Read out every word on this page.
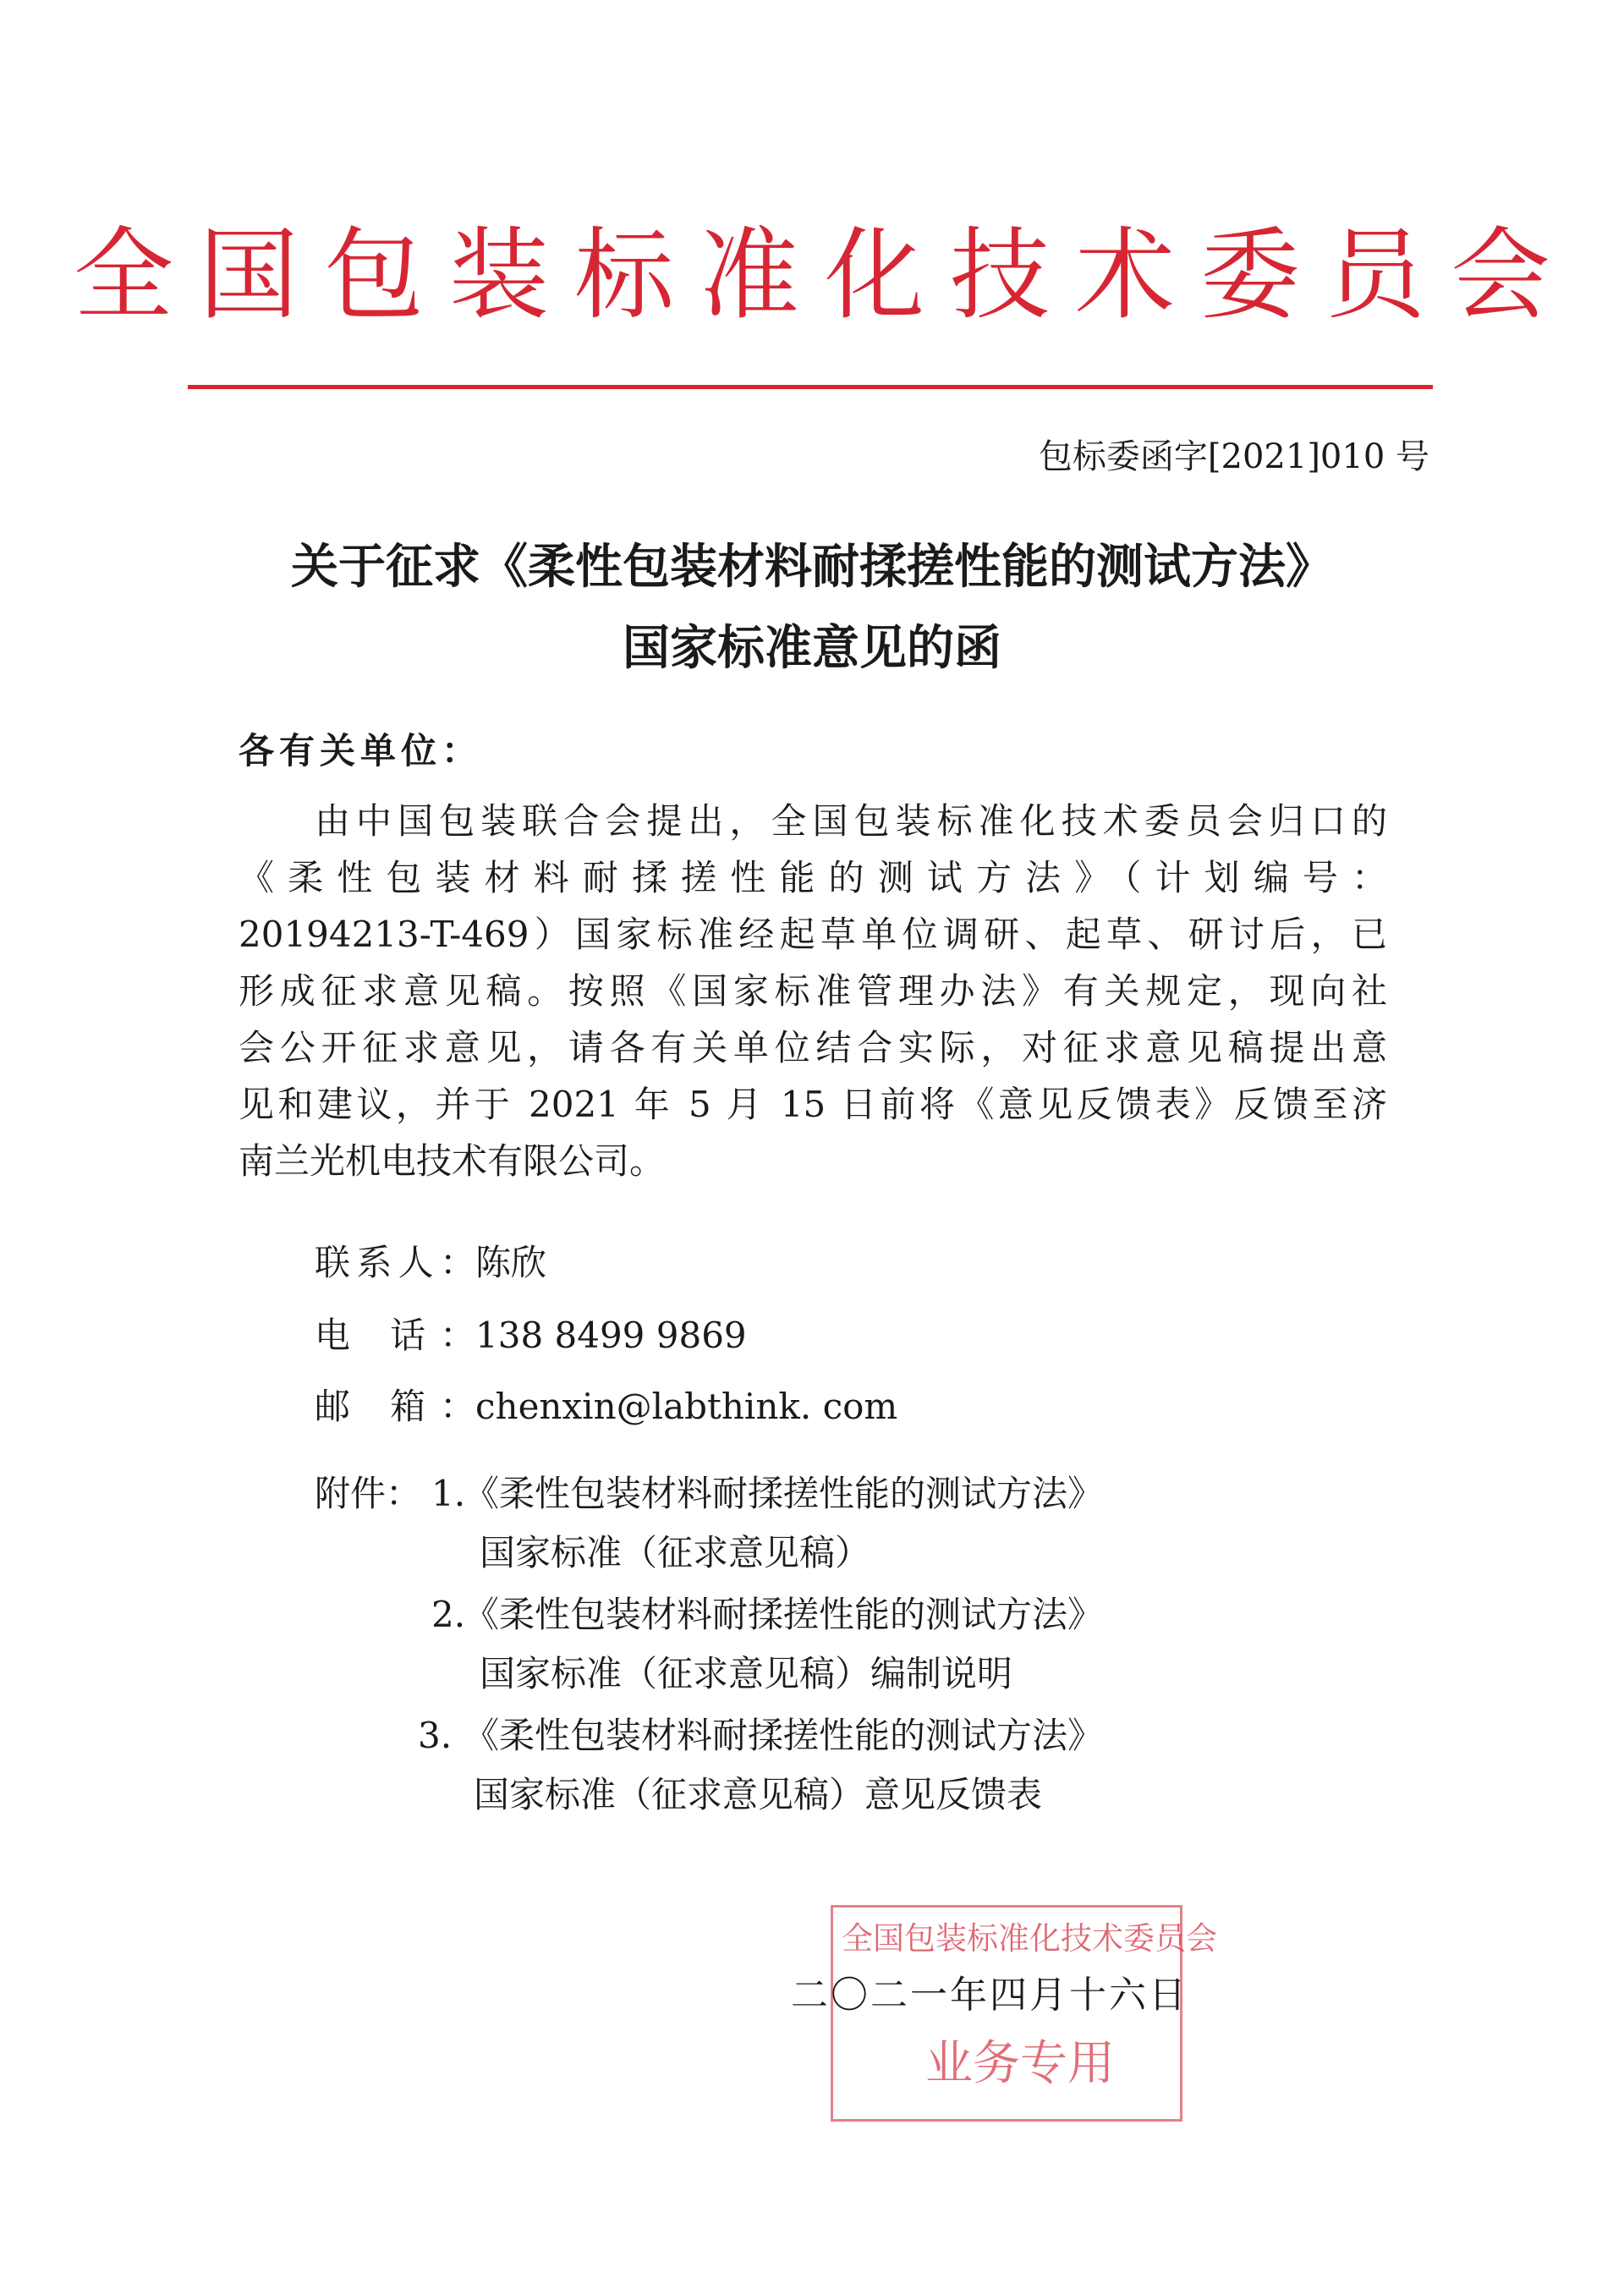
全国包装标准化技术委员会
包标委函字[2021]010 号
关于征求《柔性包装材料耐揉搓性能的测试方法》
国家标准意见的函
各有关单位：
由中国包装联合会提出，全国包装标准化技术委员会归口的
《柔性包装材料耐揉搓性能的测试方法》（计划编号：
20194213-T-469）国家标准经起草单位调研、起草、研讨后，已
形成征求意见稿。按照《国家标准管理办法》有关规定，现向社
会公开征求意见，请各有关单位结合实际，对征求意见稿提出意
见和建议，并于 2021 年 5 月 15 日前将《意见反馈表》反馈至济
南兰光机电技术有限公司。
联系人：陈欣
电 话：138 8499 9869
邮 箱：chenxin@labthink. com
附件： 1.
《柔性包装材料耐揉搓性能的测试方法》
国家标准（征求意见稿）
2.
《柔性包装材料耐揉搓性能的测试方法》
国家标准（征求意见稿）编制说明
3. 《柔性包装材料耐揉搓性能的测试方法》
国家标准（征求意见稿）意见反馈表
全国包装标准化技术委员会
业务专用
二〇二一年四月十六日
